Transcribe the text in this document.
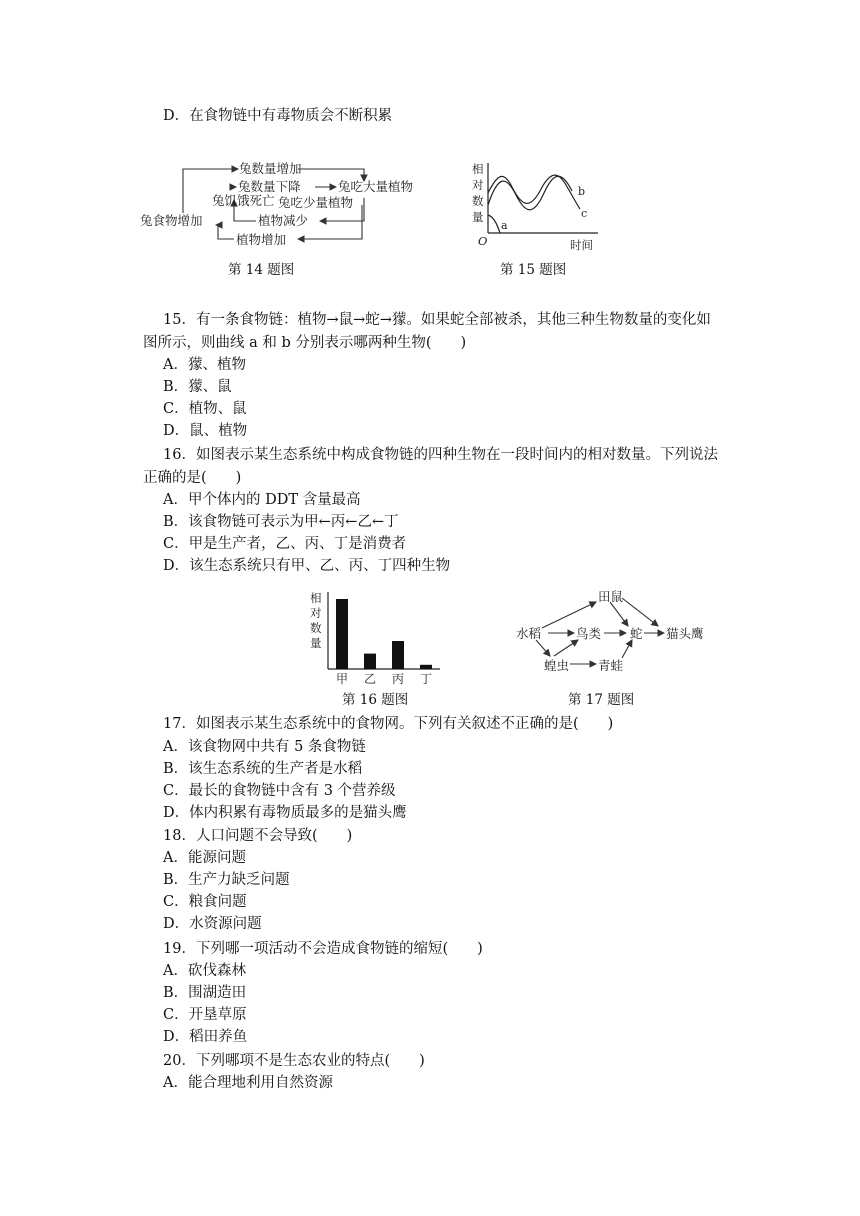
D．在食物链中有毒物质会不断积累
兔数量增加
兔数量下降	兔吃大量植物
兔饥饿死亡 兔吃少量植物
兔食物增加	植物减少
植物增加
第 14 题图
相
对
数
量
O
a
b
c
时间
第 15 题图
15．有一条食物链：植物→鼠→蛇→獴。如果蛇全部被杀，其他三种生物数量的变化如
图所示，则曲线 a 和 b 分别表示哪两种生物(　　)
A．獴、植物
B．獴、鼠
C．植物、鼠
D．鼠、植物
16．如图表示某生态系统中构成食物链的四种生物在一段时间内的相对数量。下列说法
正确的是(　　)
A．甲个体内的 DDT 含量最高
B．该食物链可表示为甲←丙←乙←丁
C．甲是生产者，乙、丙、丁是消费者
D．该生态系统只有甲、乙、丙、丁四种生物
相
对
数
量
甲 乙 丙 丁
第 16 题图
水稻
田鼠
鸟类 蛇 猫头鹰
蝗虫 青蛙
第 17 题图
17．如图表示某生态系统中的食物网。下列有关叙述不正确的是(　　)
A．该食物网中共有 5 条食物链
B．该生态系统的生产者是水稻
C．最长的食物链中含有 3 个营养级
D．体内积累有毒物质最多的是猫头鹰
18．人口问题不会导致(　　)
A．能源问题
B．生产力缺乏问题
C．粮食问题
D．水资源问题
19．下列哪一项活动不会造成食物链的缩短(　　)
A．砍伐森林
B．围湖造田
C．开垦草原
D．稻田养鱼
20．下列哪项不是生态农业的特点(　　)
A．能合理地利用自然资源
